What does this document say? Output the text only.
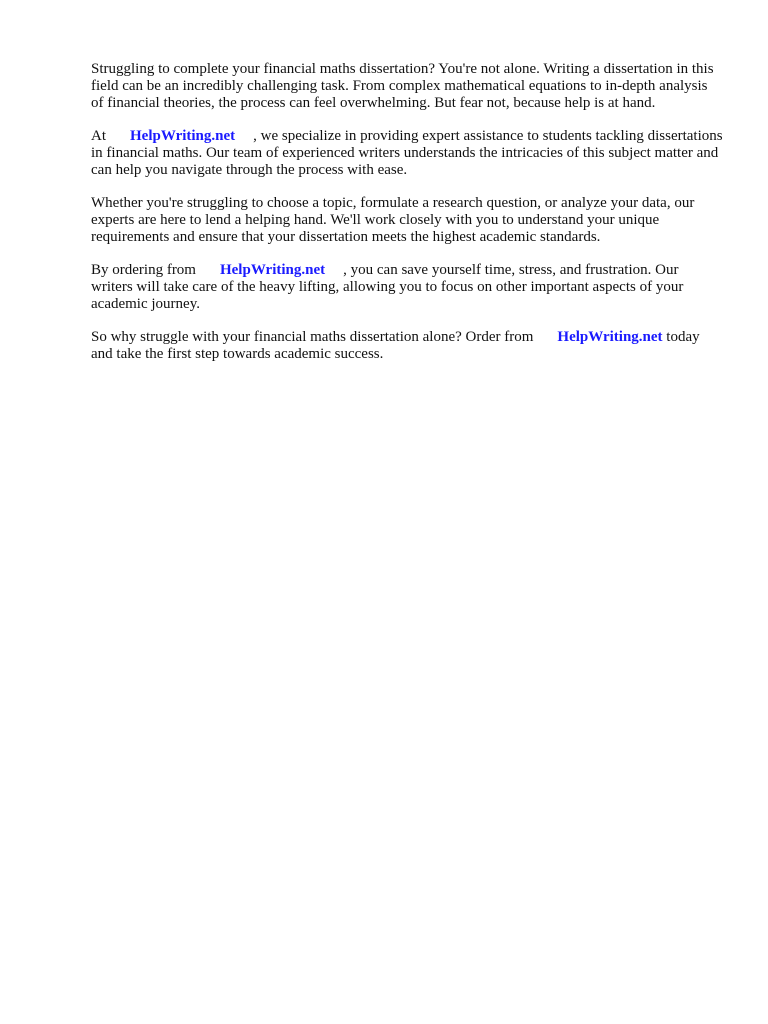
Struggling to complete your financial maths dissertation? You're not alone. Writing a dissertation in this field can be an incredibly challenging task. From complex mathematical equations to in-depth analysis of financial theories, the process can feel overwhelming. But fear not, because help is at hand.

At HelpWriting.net , we specialize in providing expert assistance to students tackling dissertations in financial maths. Our team of experienced writers understands the intricacies of this subject matter and can help you navigate through the process with ease.

Whether you're struggling to choose a topic, formulate a research question, or analyze your data, our experts are here to lend a helping hand. We'll work closely with you to understand your unique requirements and ensure that your dissertation meets the highest academic standards.

By ordering from HelpWriting.net , you can save yourself time, stress, and frustration. Our writers will take care of the heavy lifting, allowing you to focus on other important aspects of your academic journey.

So why struggle with your financial maths dissertation alone? Order from HelpWriting.net today and take the first step towards academic success.
